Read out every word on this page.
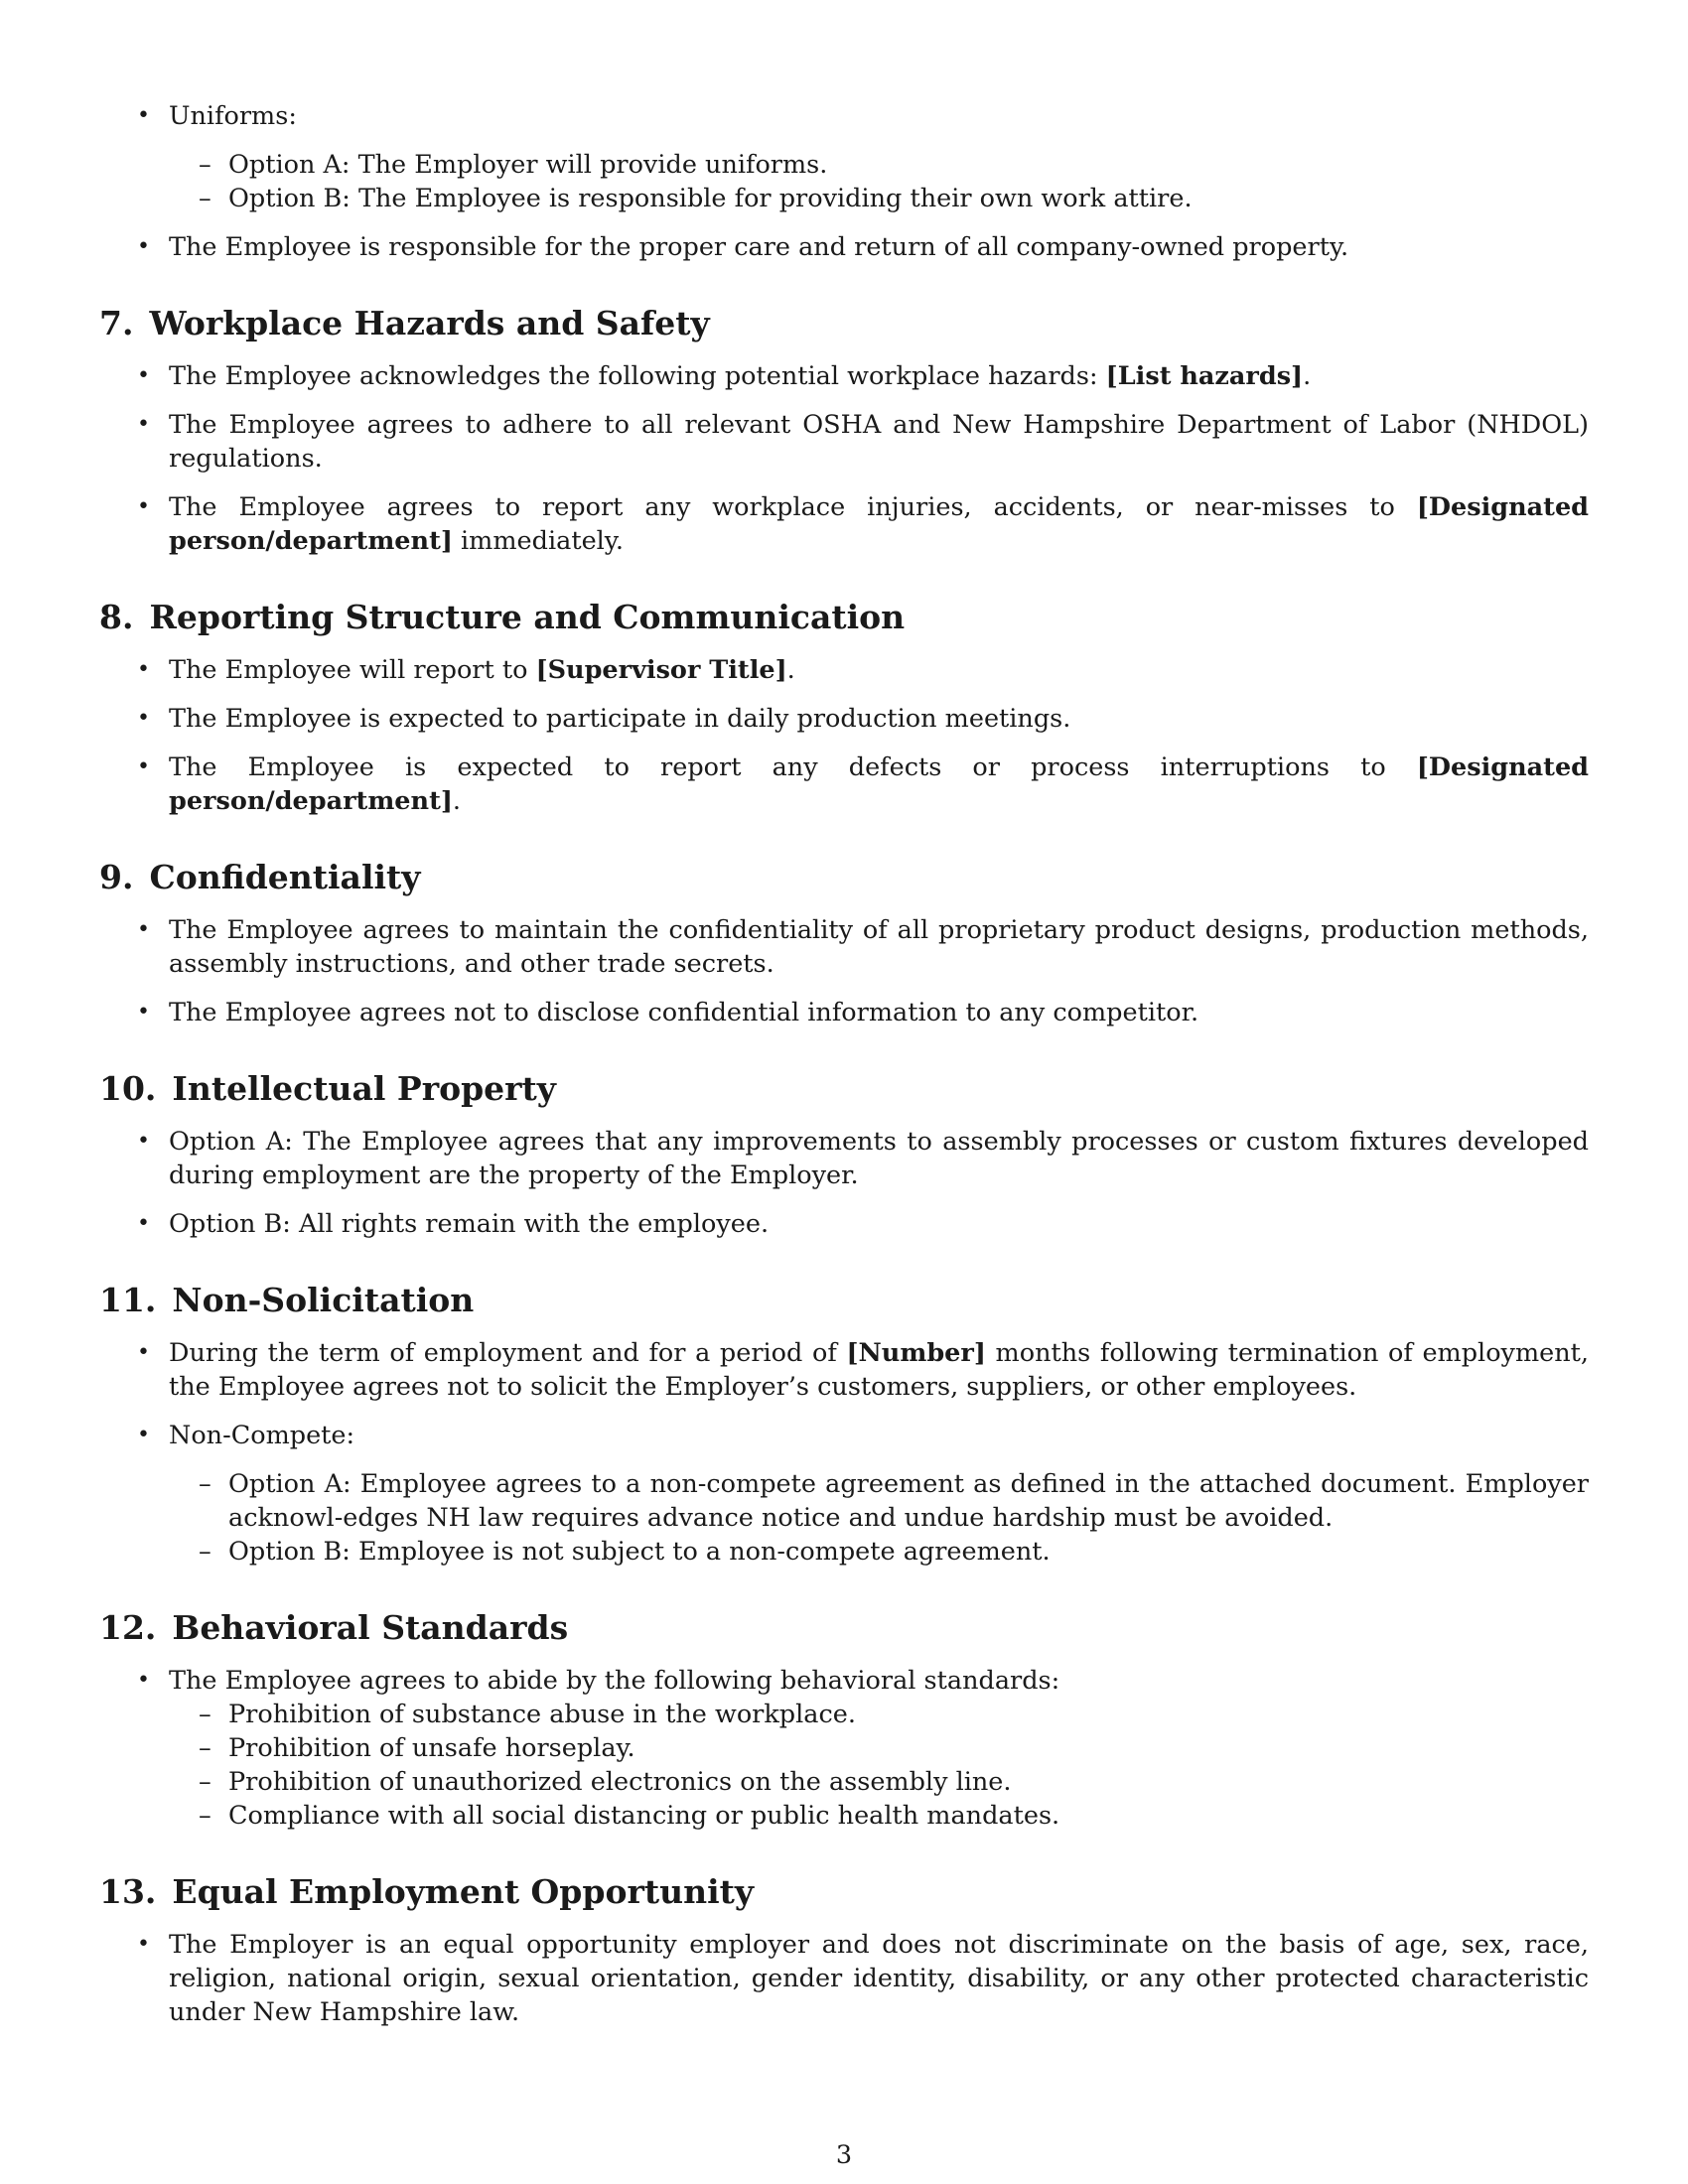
• Uniforms:
– Option A: The Employer will provide uniforms.
– Option B: The Employee is responsible for providing their own work attire.
• The Employee is responsible for the proper care and return of all company-owned property.
7. Workplace Hazards and Safety
• The Employee acknowledges the following potential workplace hazards: [List hazards].
• The Employee agrees to adhere to all relevant OSHA and New Hampshire Department of Labor (NHDOL) regulations.
• The Employee agrees to report any workplace injuries, accidents, or near-misses to [Designated person/department] immediately.
8. Reporting Structure and Communication
• The Employee will report to [Supervisor Title].
• The Employee is expected to participate in daily production meetings.
• The Employee is expected to report any defects or process interruptions to [Designated person/department].
9. Confidentiality
• The Employee agrees to maintain the confidentiality of all proprietary product designs, production methods, assembly instructions, and other trade secrets.
• The Employee agrees not to disclose confidential information to any competitor.
10. Intellectual Property
• Option A: The Employee agrees that any improvements to assembly processes or custom fixtures developed during employment are the property of the Employer.
• Option B: All rights remain with the employee.
11. Non-Solicitation
• During the term of employment and for a period of [Number] months following termination of employment, the Employee agrees not to solicit the Employer’s customers, suppliers, or other employees.
• Non-Compete:
– Option A: Employee agrees to a non-compete agreement as defined in the attached document. Employer acknowl-edges NH law requires advance notice and undue hardship must be avoided.
– Option B: Employee is not subject to a non-compete agreement.
12. Behavioral Standards
• The Employee agrees to abide by the following behavioral standards:
– Prohibition of substance abuse in the workplace.
– Prohibition of unsafe horseplay.
– Prohibition of unauthorized electronics on the assembly line.
– Compliance with all social distancing or public health mandates.
13. Equal Employment Opportunity
• The Employer is an equal opportunity employer and does not discriminate on the basis of age, sex, race, religion, national origin, sexual orientation, gender identity, disability, or any other protected characteristic under New Hampshire law.
3
